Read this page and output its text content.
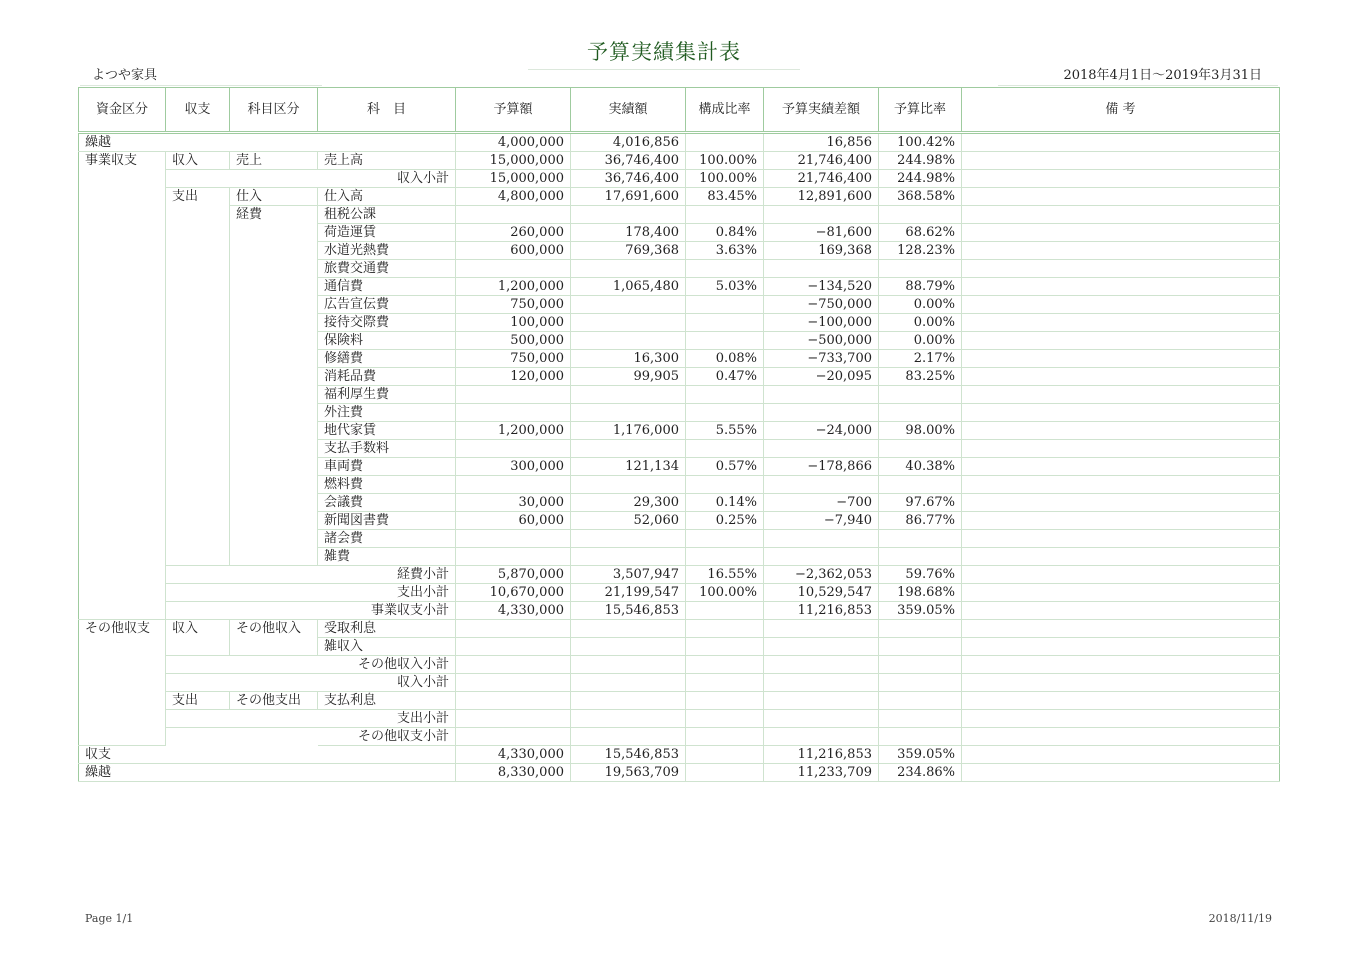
予算実績集計表
よつや家具	2018年4月1日～2019年3月31日
資金区分	収支	科目区分	科　目	予算額	実績額	構成比率	予算実績差額	予算比率	備 考
繰越				4,000,000	4,016,856		16,856	100.42%	
事業収支	収入	売上	売上高	15,000,000	36,746,400	100.00%	21,746,400	244.98%	
			収入小計	15,000,000	36,746,400	100.00%	21,746,400	244.98%	
	支出	仕入	仕入高	4,800,000	17,691,600	83.45%	12,891,600	368.58%	
		経費	租税公課						
			荷造運賃	260,000	178,400	0.84%	−81,600	68.62%	
			水道光熱費	600,000	769,368	3.63%	169,368	128.23%	
			旅費交通費						
			通信費	1,200,000	1,065,480	5.03%	−134,520	88.79%	
			広告宣伝費	750,000			−750,000	0.00%	
			接待交際費	100,000			−100,000	0.00%	
			保険料	500,000			−500,000	0.00%	
			修繕費	750,000	16,300	0.08%	−733,700	2.17%	
			消耗品費	120,000	99,905	0.47%	−20,095	83.25%	
			福利厚生費						
			外注費						
			地代家賃	1,200,000	1,176,000	5.55%	−24,000	98.00%	
			支払手数料						
			車両費	300,000	121,134	0.57%	−178,866	40.38%	
			燃料費						
			会議費	30,000	29,300	0.14%	−700	97.67%	
			新聞図書費	60,000	52,060	0.25%	−7,940	86.77%	
			諸会費						
			雑費						
			経費小計	5,870,000	3,507,947	16.55%	−2,362,053	59.76%	
			支出小計	10,670,000	21,199,547	100.00%	10,529,547	198.68%	
			事業収支小計	4,330,000	15,546,853		11,216,853	359.05%	
その他収支	収入	その他収入	受取利息						
			雑収入						
			その他収入小計						
			収入小計						
	支出	その他支出	支払利息						
			支出小計						
			その他収支小計						
収支				4,330,000	15,546,853		11,216,853	359.05%	
繰越				8,330,000	19,563,709		11,233,709	234.86%	
Page 1/1	2018/11/19
